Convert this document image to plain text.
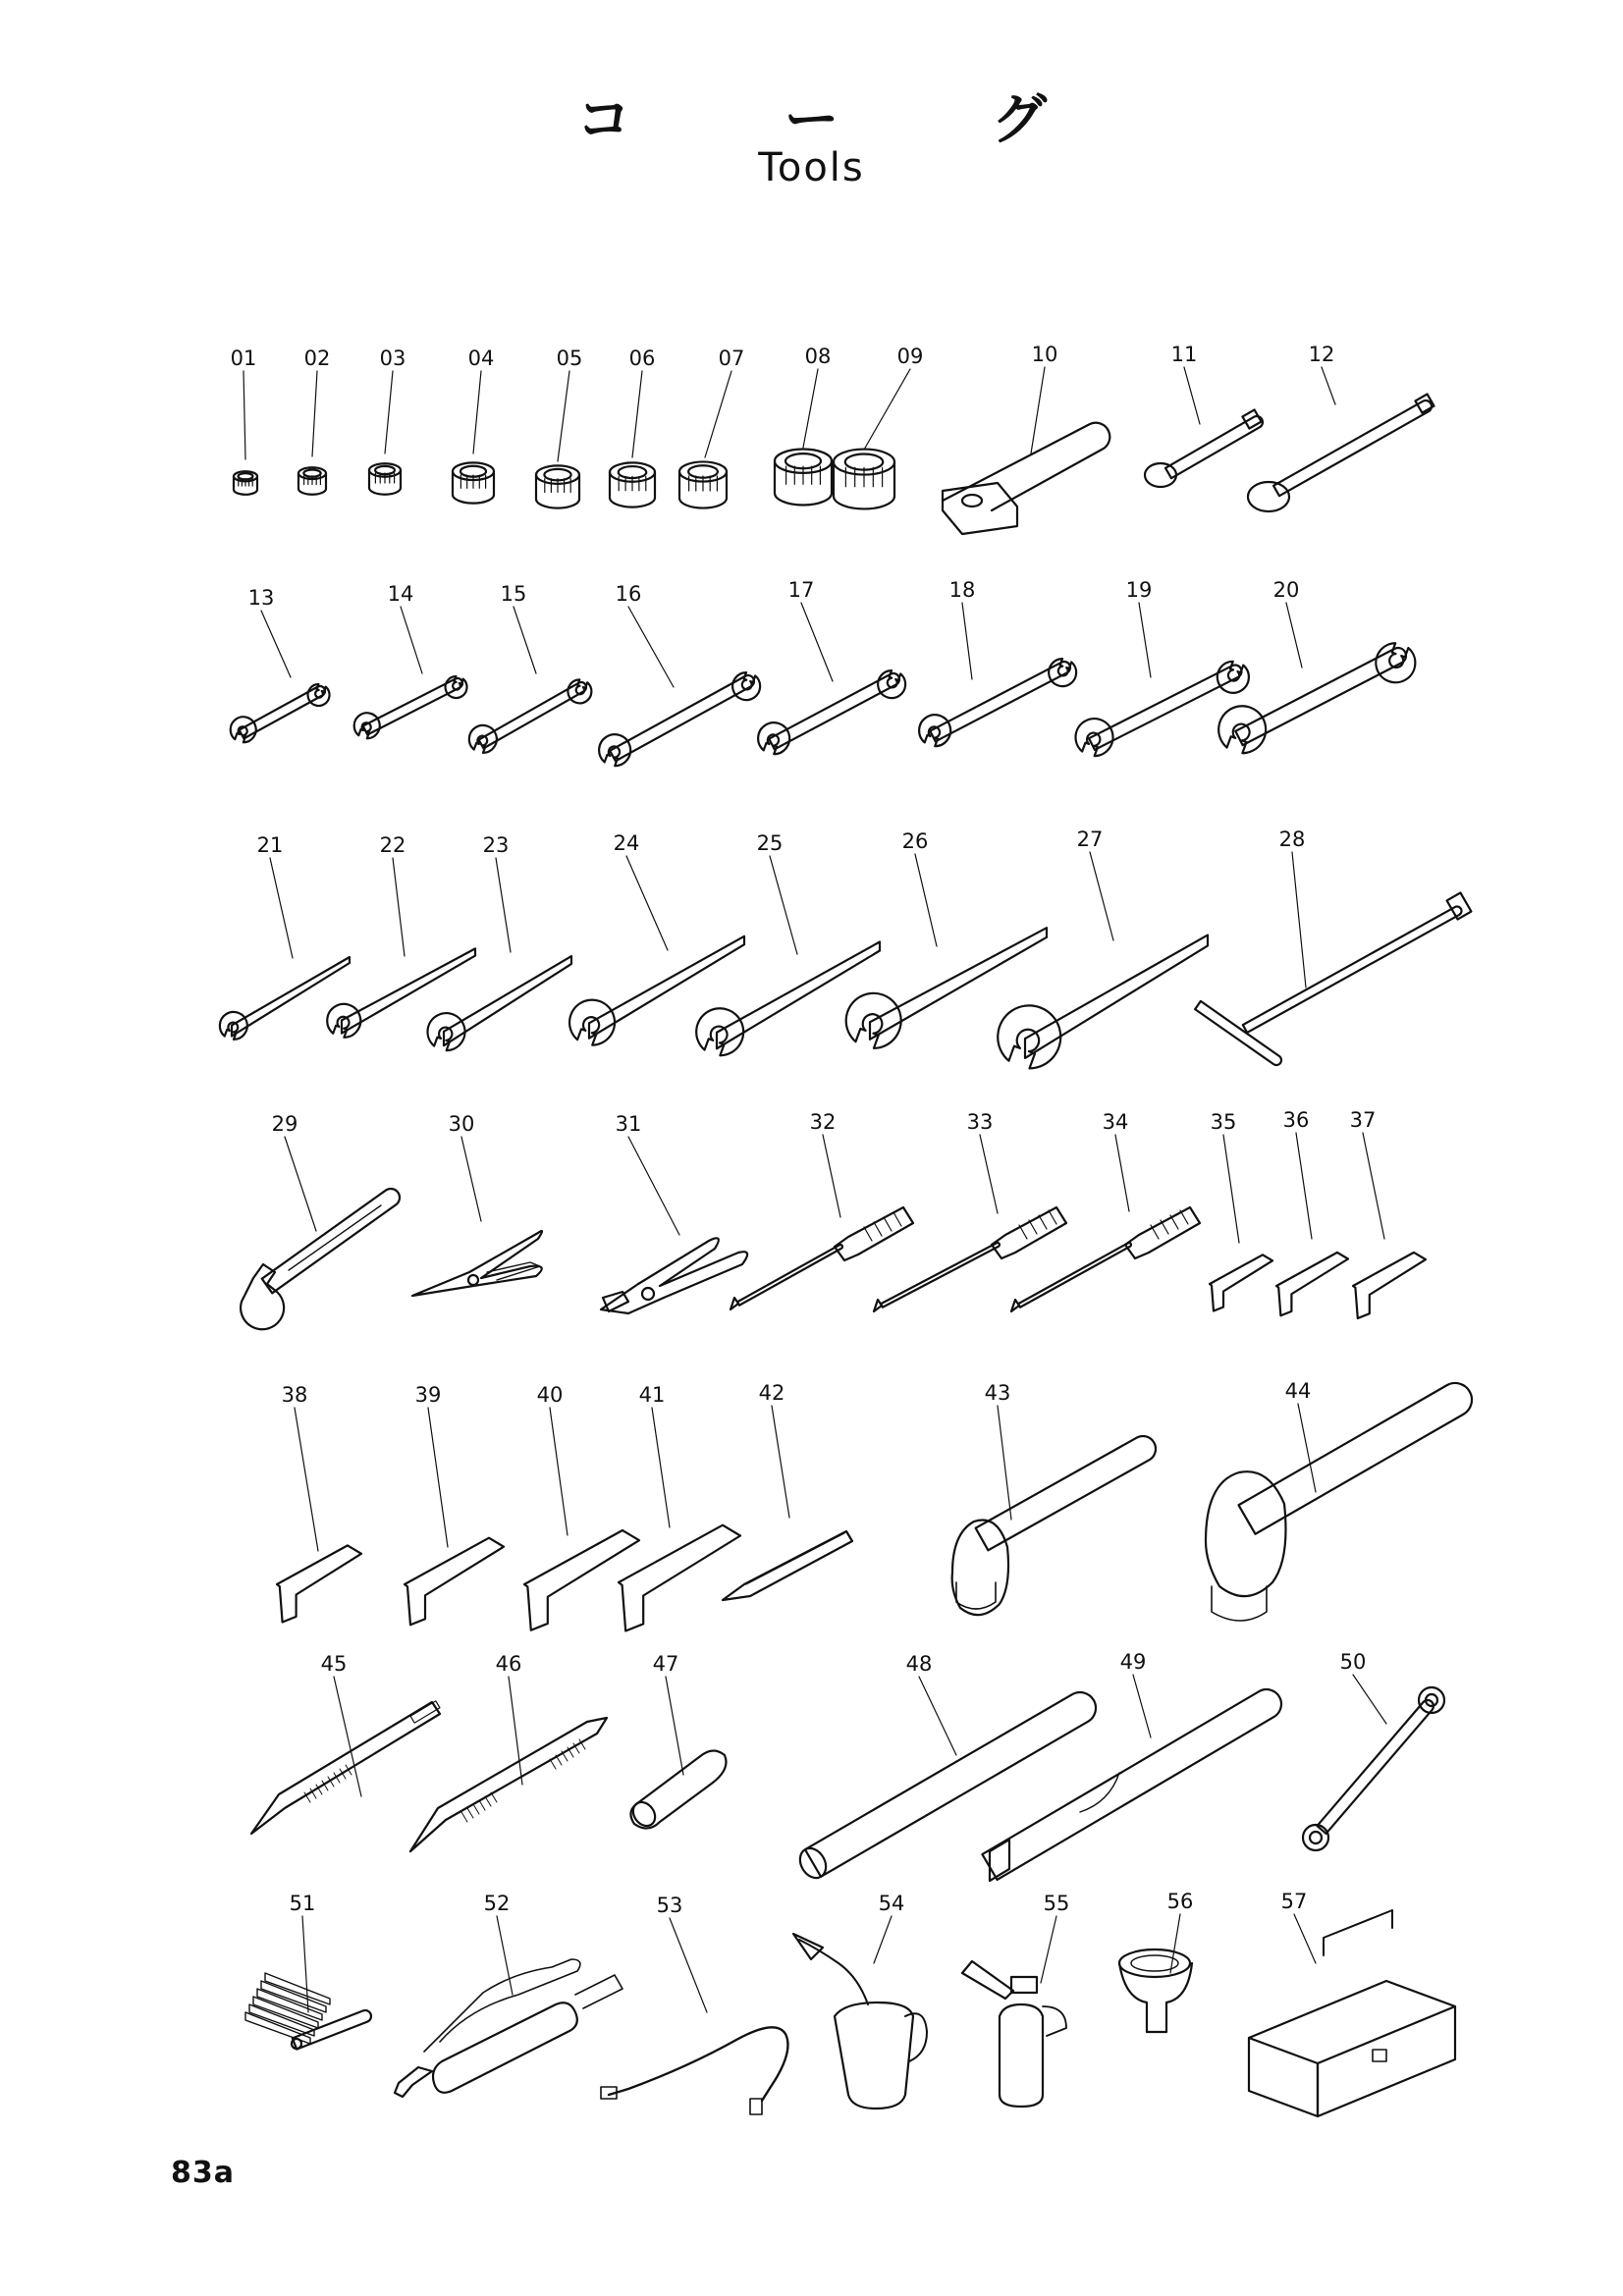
コ ー グ
Tools
01 02 03	04	05 06	07	08	09	10	11	12
13	14	15	16	17	18	19	20
21	22	23	24	25	26	27	28
29	30	31	32	33	34	35 36 37
38	39	40	41	42	43	44
45	46	47	48	49	50
51	52	53	54	55	56	57
83a
